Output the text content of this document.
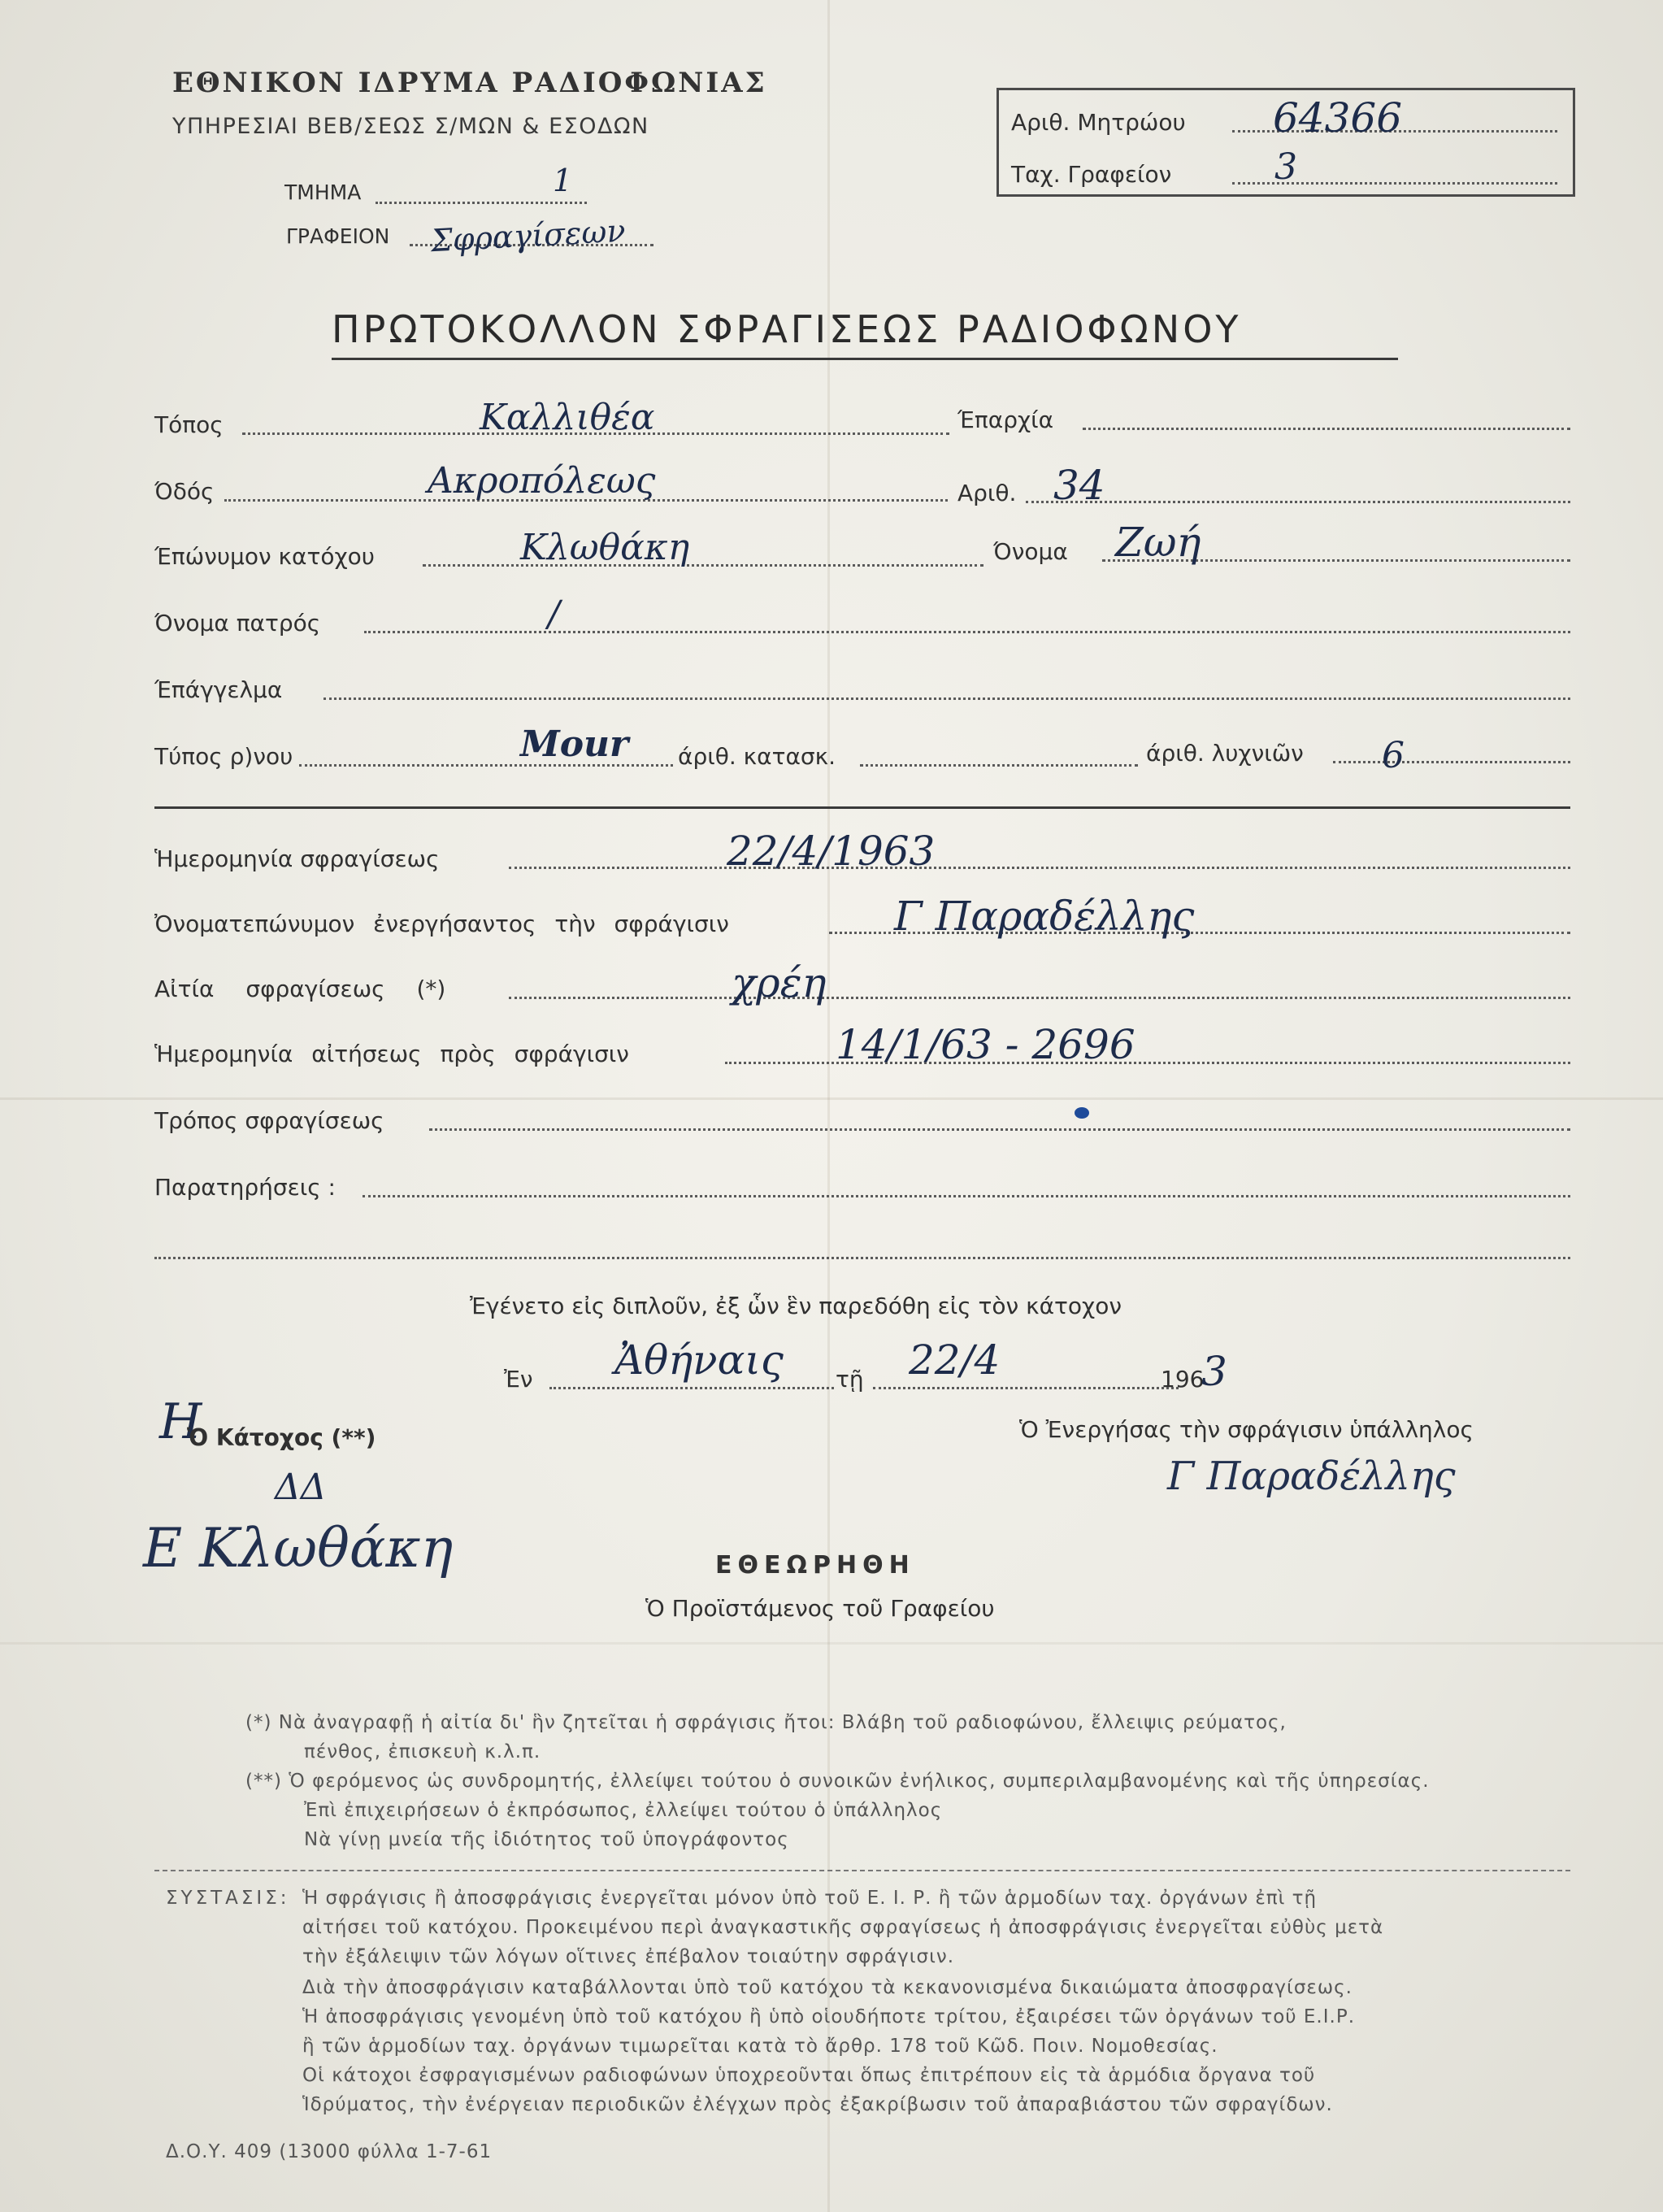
ΕΘΝΙΚΟΝ ΙΔΡΥΜΑ ΡΑΔΙΟΦΩΝΙΑΣ
ΥΠΗΡΕΣΙΑΙ ΒΕΒ/ΣΕΩΣ Σ/ΜΩΝ & ΕΣΟΔΩΝ
ΤΜΗΜΑ	1
ΓΡΑΦΕΙΟΝ Σφραγίσεων
Αριθ. Μητρώου 64366
Ταχ. Γραφείον	3
ΠΡΩΤΟΚΟΛΛΟΝ ΣΦΡΑΓΙΣΕΩΣ ΡΑΔΙΟΦΩΝΟΥ
Τόπος	Καλλιθέα	Έπαρχία
Όδός	Ακροπόλεως	Αριθ. 34
Έπώνυμον κατόχου	Κλωθάκη	Όνομα Ζωή
Όνομα πατρός	/
Έπάγγελμα
Τύπος ρ)νου	Mour άριθ. κατασκ.	άριθ. λυχνιῶν 6
Ἡμερομηνία σφραγίσεως	22/4/1963
Ὀνοματεπώνυμον ἐνεργήσαντος τὴν σφράγισιν	Γ Παραδέλλης
Αἰτία σφραγίσεως (*)	χρέη
Ἡμερομηνία αἰτήσεως πρὸς σφράγισιν	14/1/63 - 2696
Τρόπος σφραγίσεως
Παρατηρήσεις :
Ἐγένετο εἰς διπλοῦν, ἐξ ὧν ἓν παρεδόθη εἰς τὸν κάτοχον
Ἐν Ἀθήναις τῇ 22/4	196
3
Η
Ὁ Κάτοχος (**)
ΔΔ
Ε Κλωθάκη
Ὁ Ἐνεργήσας τὴν σφράγισιν ὑπάλληλος
Γ Παραδέλλης
ΕΘΕΩΡΗΘΗ
Ὁ Προϊστάμενος τοῦ Γραφείου
(*) Νὰ ἀναγραφῇ ἡ αἰτία δι' ἣν ζητεῖται ἡ σφράγισις ἤτοι: Βλάβη τοῦ ραδιοφώνου, ἔλλειψις ρεύματος,
πένθος, ἐπισκευὴ κ.λ.π.
(**) Ὁ φερόμενος ὡς συνδρομητής, ἐλλείψει τούτου ὁ συνοικῶν ἐνήλικος, συμπεριλαμβανομένης καὶ τῆς ὑπηρεσίας.
Ἐπὶ ἐπιχειρήσεων ὁ ἐκπρόσωπος, ἐλλείψει τούτου ὁ ὑπάλληλος
Νὰ γίνῃ μνεία τῆς ἰδιότητος τοῦ ὑπογράφοντος
ΣΥΣΤΑΣΙΣ: Ἡ σφράγισις ἢ ἀποσφράγισις ἐνεργεῖται μόνον ὑπὸ τοῦ Ε. Ι. Ρ. ἢ τῶν ἁρμοδίων ταχ. ὀργάνων ἐπὶ τῇ
αἰτήσει τοῦ κατόχου. Προκειμένου περὶ ἀναγκαστικῆς σφραγίσεως ἡ ἀποσφράγισις ἐνεργεῖται εὐθὺς μετὰ
τὴν ἐξάλειψιν τῶν λόγων οἵτινες ἐπέβαλον τοιαύτην σφράγισιν.
Διὰ τὴν ἀποσφράγισιν καταβάλλονται ὑπὸ τοῦ κατόχου τὰ κεκανονισμένα δικαιώματα ἀποσφραγίσεως.
Ἡ ἀποσφράγισις γενομένη ὑπὸ τοῦ κατόχου ἢ ὑπὸ οἱουδήποτε τρίτου, ἐξαιρέσει τῶν ὀργάνων τοῦ Ε.Ι.Ρ.
ἢ τῶν ἁρμοδίων ταχ. ὀργάνων τιμωρεῖται κατὰ τὸ ἄρθρ. 178 τοῦ Κῶδ. Ποιν. Νομοθεσίας.
Οἱ κάτοχοι ἐσφραγισμένων ραδιοφώνων ὑποχρεοῦνται ὅπως ἐπιτρέπουν εἰς τὰ ἁρμόδια ὄργανα τοῦ
Ἱδρύματος, τὴν ἐνέργειαν περιοδικῶν ἐλέγχων πρὸς ἐξακρίβωσιν τοῦ ἀπαραβιάστου τῶν σφραγίδων.
Δ.Ο.Υ. 409 (13000 φύλλα 1-7-61
